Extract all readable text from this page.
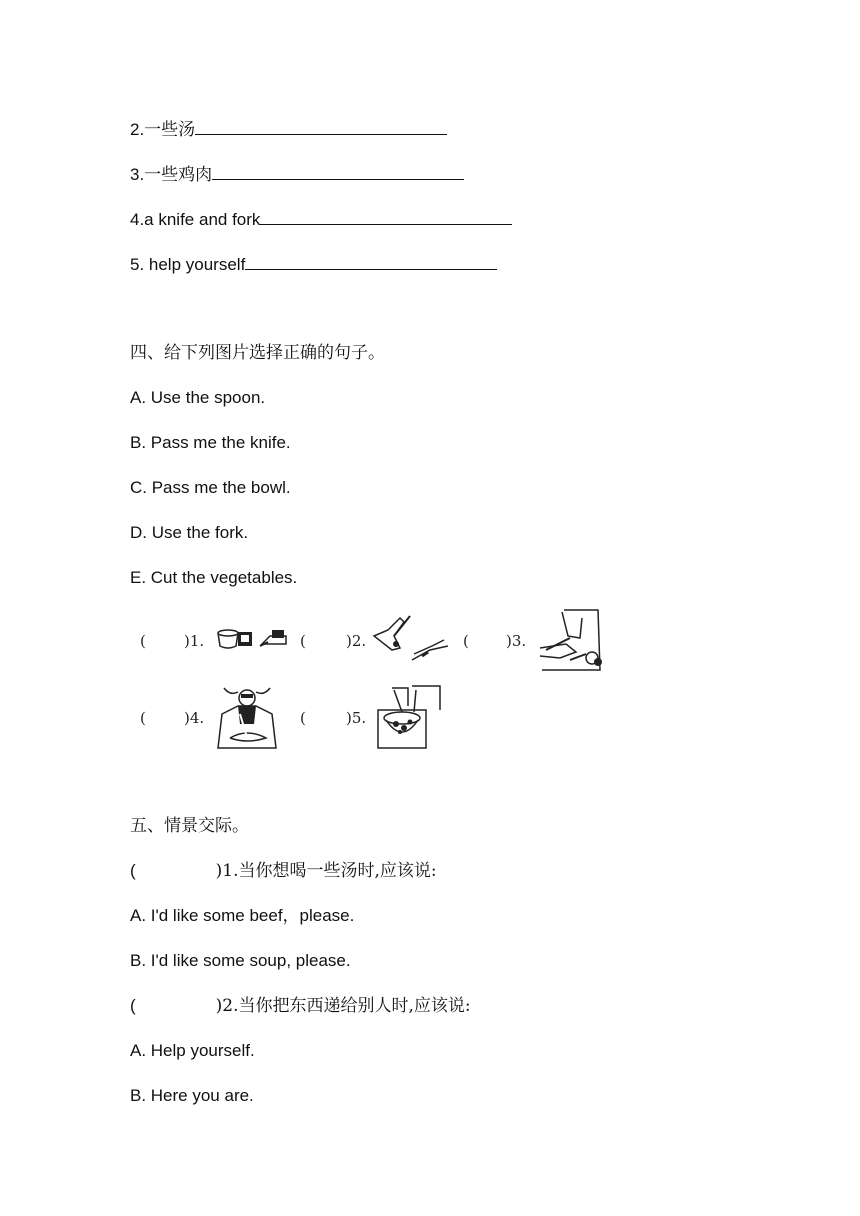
2.一些汤
3.一些鸡肉
4.a knife and fork
5. help yourself
四、给下列图片选择正确的句子。
A. Use the spoon.
B. Pass me the knife.
C. Pass me the bowl.
D. Use the fork.
E. Cut the vegetables.
(	)1.	(	)2.	( )3.
(	)4.	(	)5.
五、情景交际。
(	)1.当你想喝一些汤时,应该说:
A. I'd like some beef，please.
B. I'd like some soup, please.
(	)2.当你把东西递给别人时,应该说:
A. Help yourself.
B. Here you are.
